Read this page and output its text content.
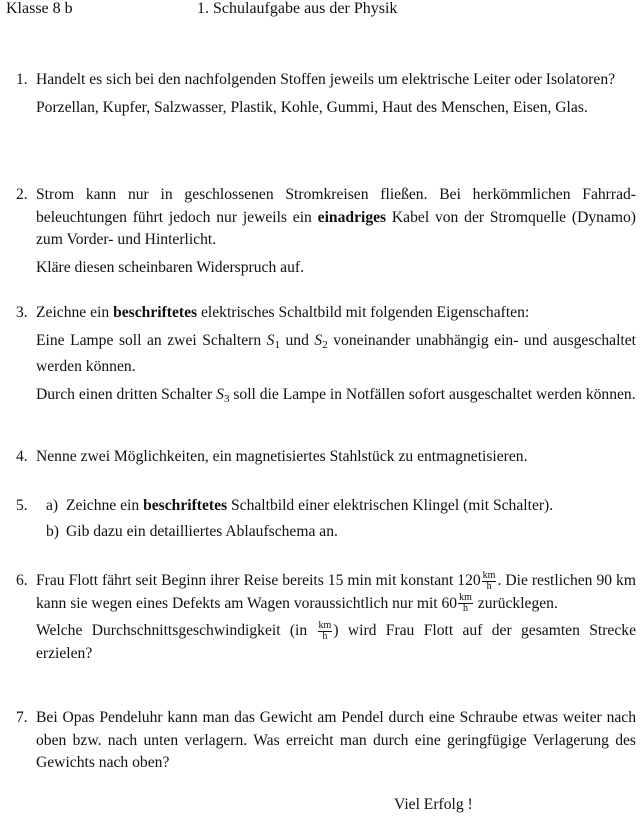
Klasse 8 b	1. Schulaufgabe aus der Physik
1. Handelt es sich bei den nachfolgenden Stoffen jeweils um elektrische Leiter oder Isolatoren?

Porzellan, Kupfer, Salzwasser, Plastik, Kohle, Gummi, Haut des Menschen, Eisen, Glas.

2. Strom kann nur in geschlossenen Stromkreisen fließen. Bei herkömmlichen Fahrradbeleuchtungen führt jedoch nur jeweils ein einadriges Kabel von der Stromquelle (Dynamo) zum Vorder- und Hinterlicht.

Kläre diesen scheinbaren Widerspruch auf.

3. Zeichne ein beschriftetes elektrisches Schaltbild mit folgenden Eigenschaften:

Eine Lampe soll an zwei Schaltern $S_1$ und $S_2$ voneinander unabhängig ein- und ausgeschaltet werden können.

Durch einen dritten Schalter $S_3$ soll die Lampe in Notfällen sofort ausgeschaltet werden können.

4. Nenne zwei Möglichkeiten, ein magnetisiertes Stahlstück zu entmagnetisieren.

5. a) Zeichne ein beschriftetes Schaltbild einer elektrischen Klingel (mit Schalter).
b) Gib dazu ein detailliertes Ablaufschema an.
6. Frau Flott fährt seit Beginn ihrer Reise bereits 15 min mit konstant $120 \frac{km}{h}$ . Die restlichen 90 km kann sie wegen eines Defekts am Wagen voraussichtlich nur mit $60 \frac{km}{h}$ zurücklegen.

Welche Durchschnittsgeschwindigkeit ($in \frac{km}{h}$ ) wird Frau Flott auf der gesamten Strecke erzielen?

7. Bei Opas Pendeluhr kann man das Gewicht am Pendel durch eine Schraube etwas weiter nach oben bzw. nach unten verlagern. Was erreicht man durch eine geringfügige Verlagerung des Gewichts nach oben?

Viel Erfolg !
